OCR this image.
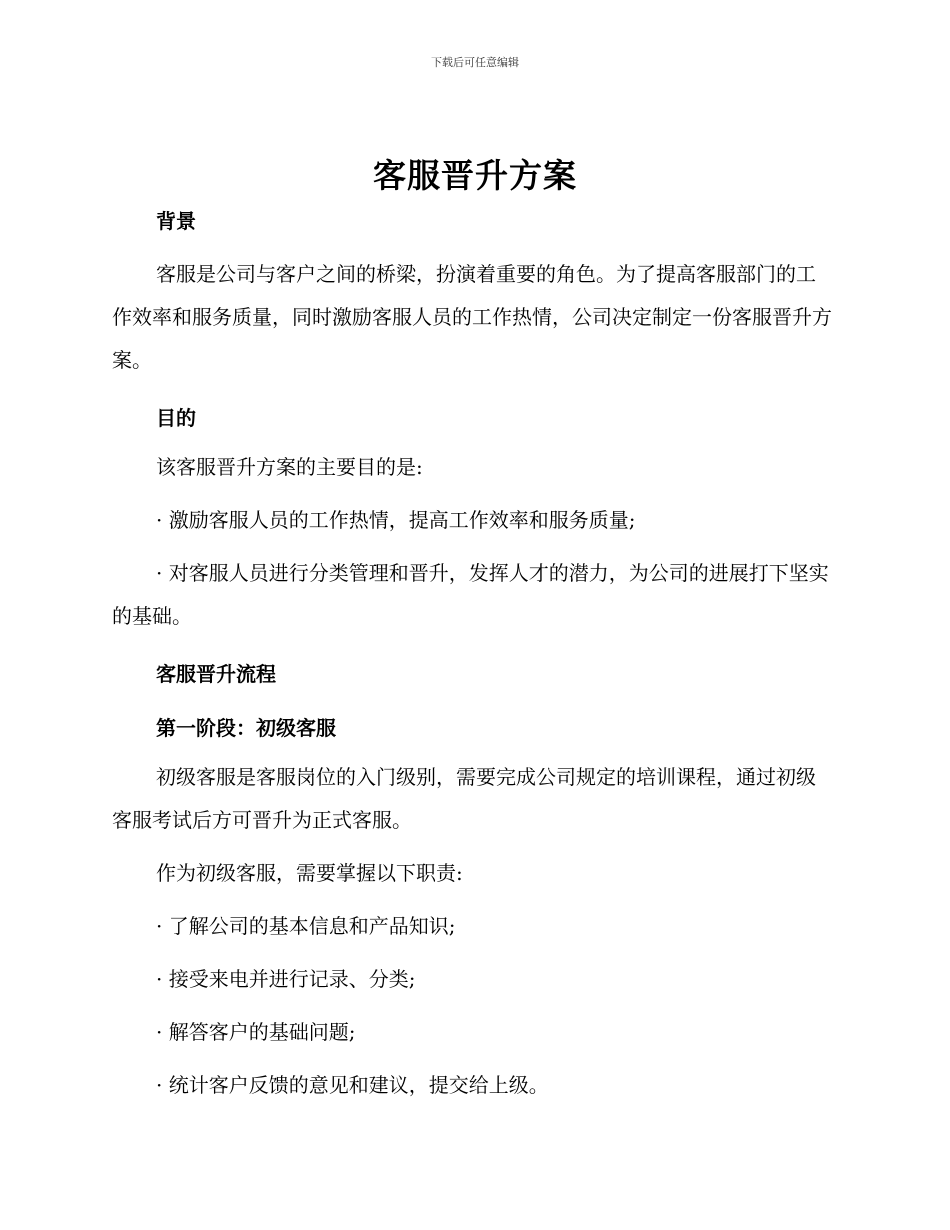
下载后可任意编辑
客服晋升方案
背景

客服是公司与客户之间的桥梁，扮演着重要的角色。为了提高客服部门的工作效率和服务质量，同时激励客服人员的工作热情，公司决定制定一份客服晋升方案。

目的

该客服晋升方案的主要目的是:

· 激励客服人员的工作热情，提高工作效率和服务质量;

· 对客服人员进行分类管理和晋升，发挥人才的潜力，为公司的进展打下坚实的基础。

客服晋升流程
第一阶段：初级客服

初级客服是客服岗位的入门级别，需要完成公司规定的培训课程，通过初级客服考试后方可晋升为正式客服。

作为初级客服，需要掌握以下职责:

· 了解公司的基本信息和产品知识;

· 接受来电并进行记录、分类;

· 解答客户的基础问题;

· 统计客户反馈的意见和建议，提交给上级。
